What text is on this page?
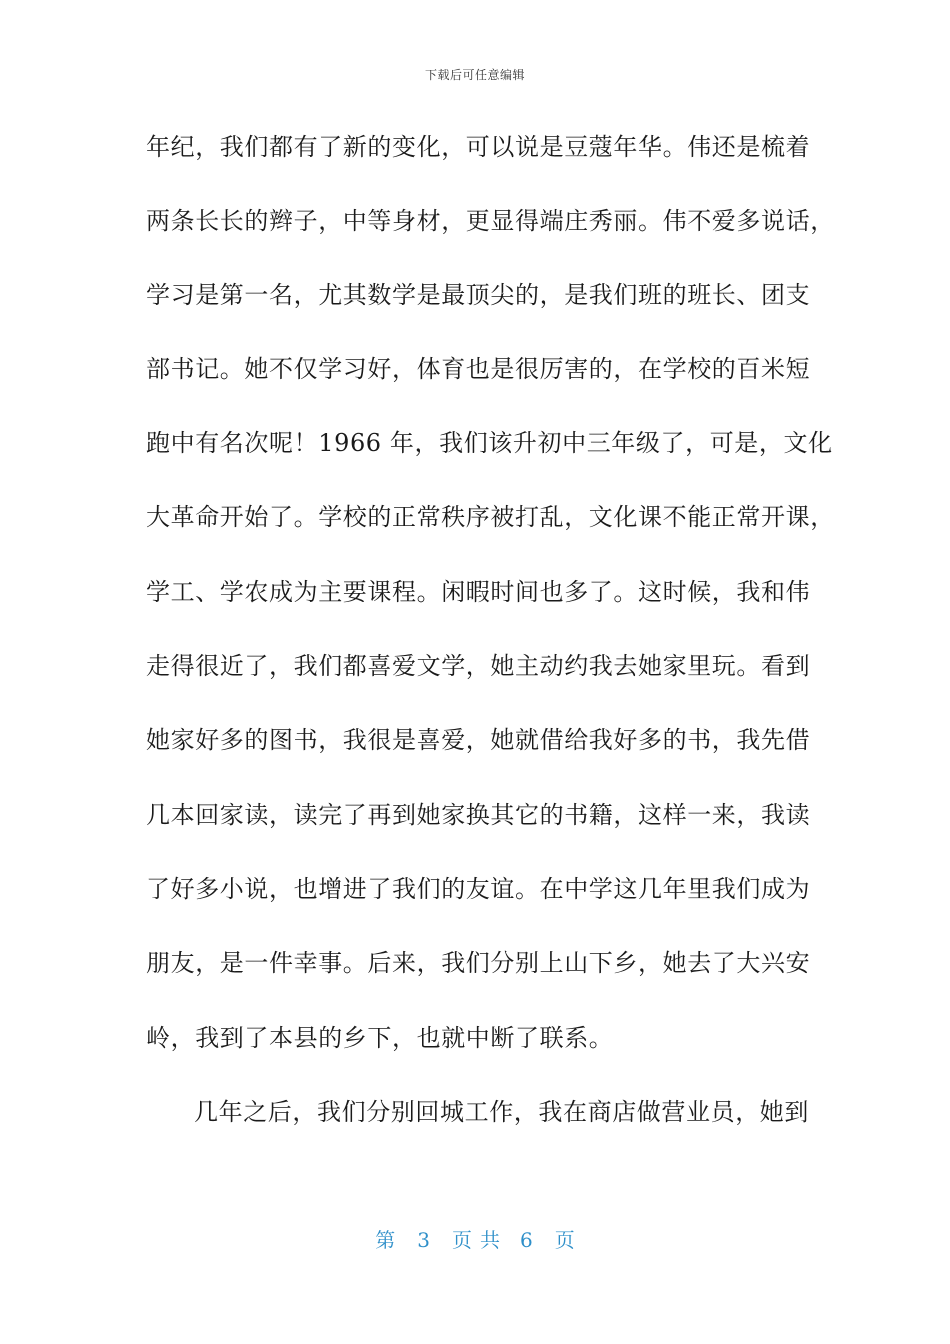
下载后可任意编辑
年纪，我们都有了新的变化，可以说是豆蔻年华。伟还是梳着
两条长长的辫子，中等身材，更显得端庄秀丽。伟不爱多说话，
学习是第一名，尤其数学是最顶尖的，是我们班的班长、团支
部书记。她不仅学习好，体育也是很厉害的，在学校的百米短
跑中有名次呢！1966 年，我们该升初中三年级了，可是，文化
大革命开始了。学校的正常秩序被打乱，文化课不能正常开课，
学工、学农成为主要课程。闲暇时间也多了。这时候，我和伟
走得很近了，我们都喜爱文学，她主动约我去她家里玩。看到
她家好多的图书，我很是喜爱，她就借给我好多的书，我先借
几本回家读，读完了再到她家换其它的书籍，这样一来，我读
了好多小说，也增进了我们的友谊。在中学这几年里我们成为
朋友，是一件幸事。后来，我们分别上山下乡，她去了大兴安
岭，我到了本县的乡下，也就中断了联系。
几年之后，我们分别回城工作，我在商店做营业员，她到
第 3 页共 6 页
